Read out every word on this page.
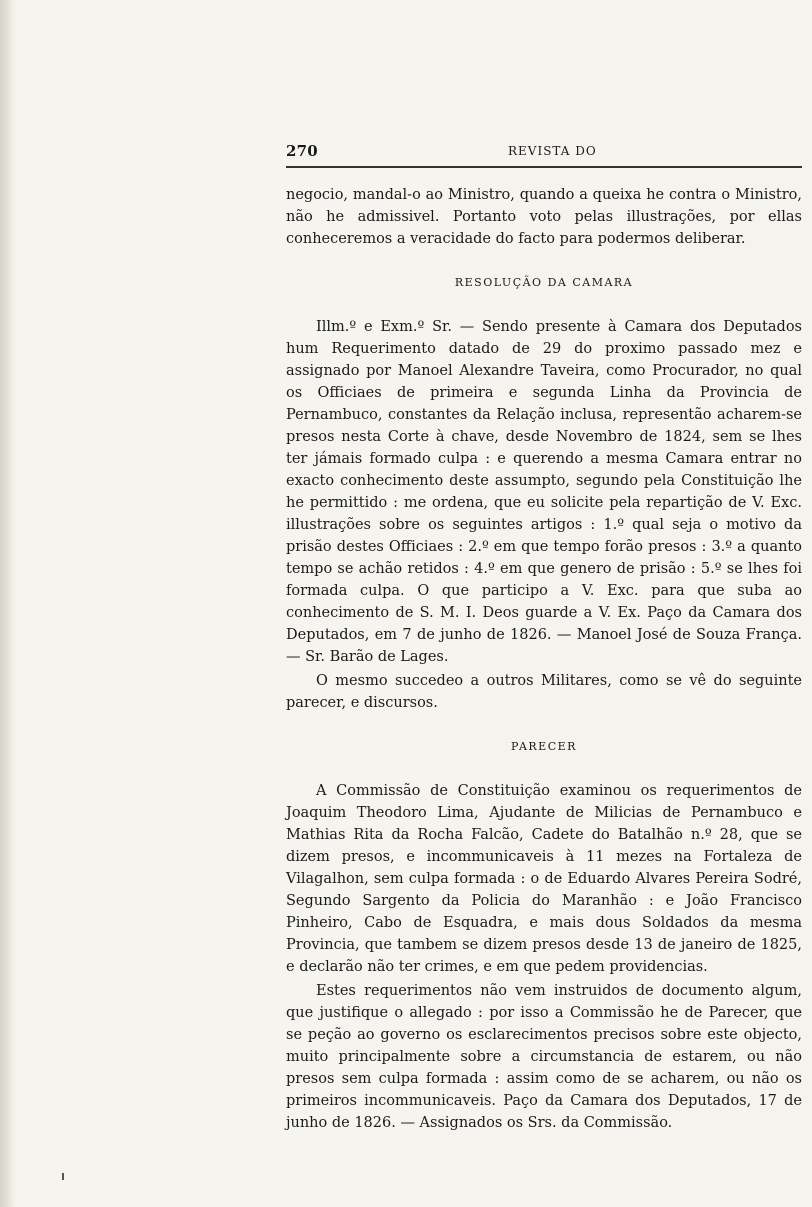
270	REVISTA DO

negocio, mandal-o ao Ministro, quando a queixa he contra o Ministro, não he admissivel. Portanto voto pelas illustrações, por ellas conheceremos a veracidade do facto para podermos deliberar.

RESOLUÇÃO DA CAMARA

Illm.º e Exm.º Sr. — Sendo presente à Camara dos Deputados hum Requerimento datado de 29 do proximo passado mez e assignado por Manoel Alexandre Taveira, como Procurador, no qual os Officiaes de primeira e segunda Linha da Provincia de Pernambuco, constantes da Relação inclusa, representão acharem-se presos nesta Corte à chave, desde Novembro de 1824, sem se lhes ter jámais formado culpa : e querendo a mesma Camara entrar no exacto conhecimento deste assumpto, segundo pela Constituição lhe he permittido : me ordena, que eu solicite pela repartição de V. Exc. illustrações sobre os seguintes artigos : 1.º qual seja o motivo da prisão destes Officiaes : 2.º em que tempo forão presos : 3.º a quanto tempo se achão retidos : 4.º em que genero de prisão : 5.º se lhes foi formada culpa. O que participo a V. Exc. para que suba ao conhecimento de S. M. I. Deos guarde a V. Ex. Paço da Camara dos Deputados, em 7 de junho de 1826. — Manoel José de Souza França. — Sr. Barão de Lages.

O mesmo succedeo a outros Militares, como se vê do seguinte parecer, e discursos.

PARECER

A Commissão de Constituição examinou os requerimentos de Joaquim Theodoro Lima, Ajudante de Milicias de Pernambuco e Mathias Rita da Rocha Falcão, Cadete do Batalhão n.º 28, que se dizem presos, e incommunicaveis à 11 mezes na Fortaleza de Vilagalhon, sem culpa formada : o de Eduardo Alvares Pereira Sodré, Segundo Sargento da Policia do Maranhão : e João Francisco Pinheiro, Cabo de Esquadra, e mais dous Soldados da mesma Provincia, que tambem se dizem presos desde 13 de janeiro de 1825, e declarão não ter crimes, e em que pedem providencias.

Estes requerimentos não vem instruidos de documento algum, que justifique o allegado : por isso a Commissão he de Parecer, que se peção ao governo os esclarecimentos precisos sobre este objecto, muito principalmente sobre a circumstancia de estarem, ou não presos sem culpa formada : assim como de se acharem, ou não os primeiros incommunicaveis. Paço da Camara dos Deputados, 17 de junho de 1826. — Assignados os Srs. da Commissão.
